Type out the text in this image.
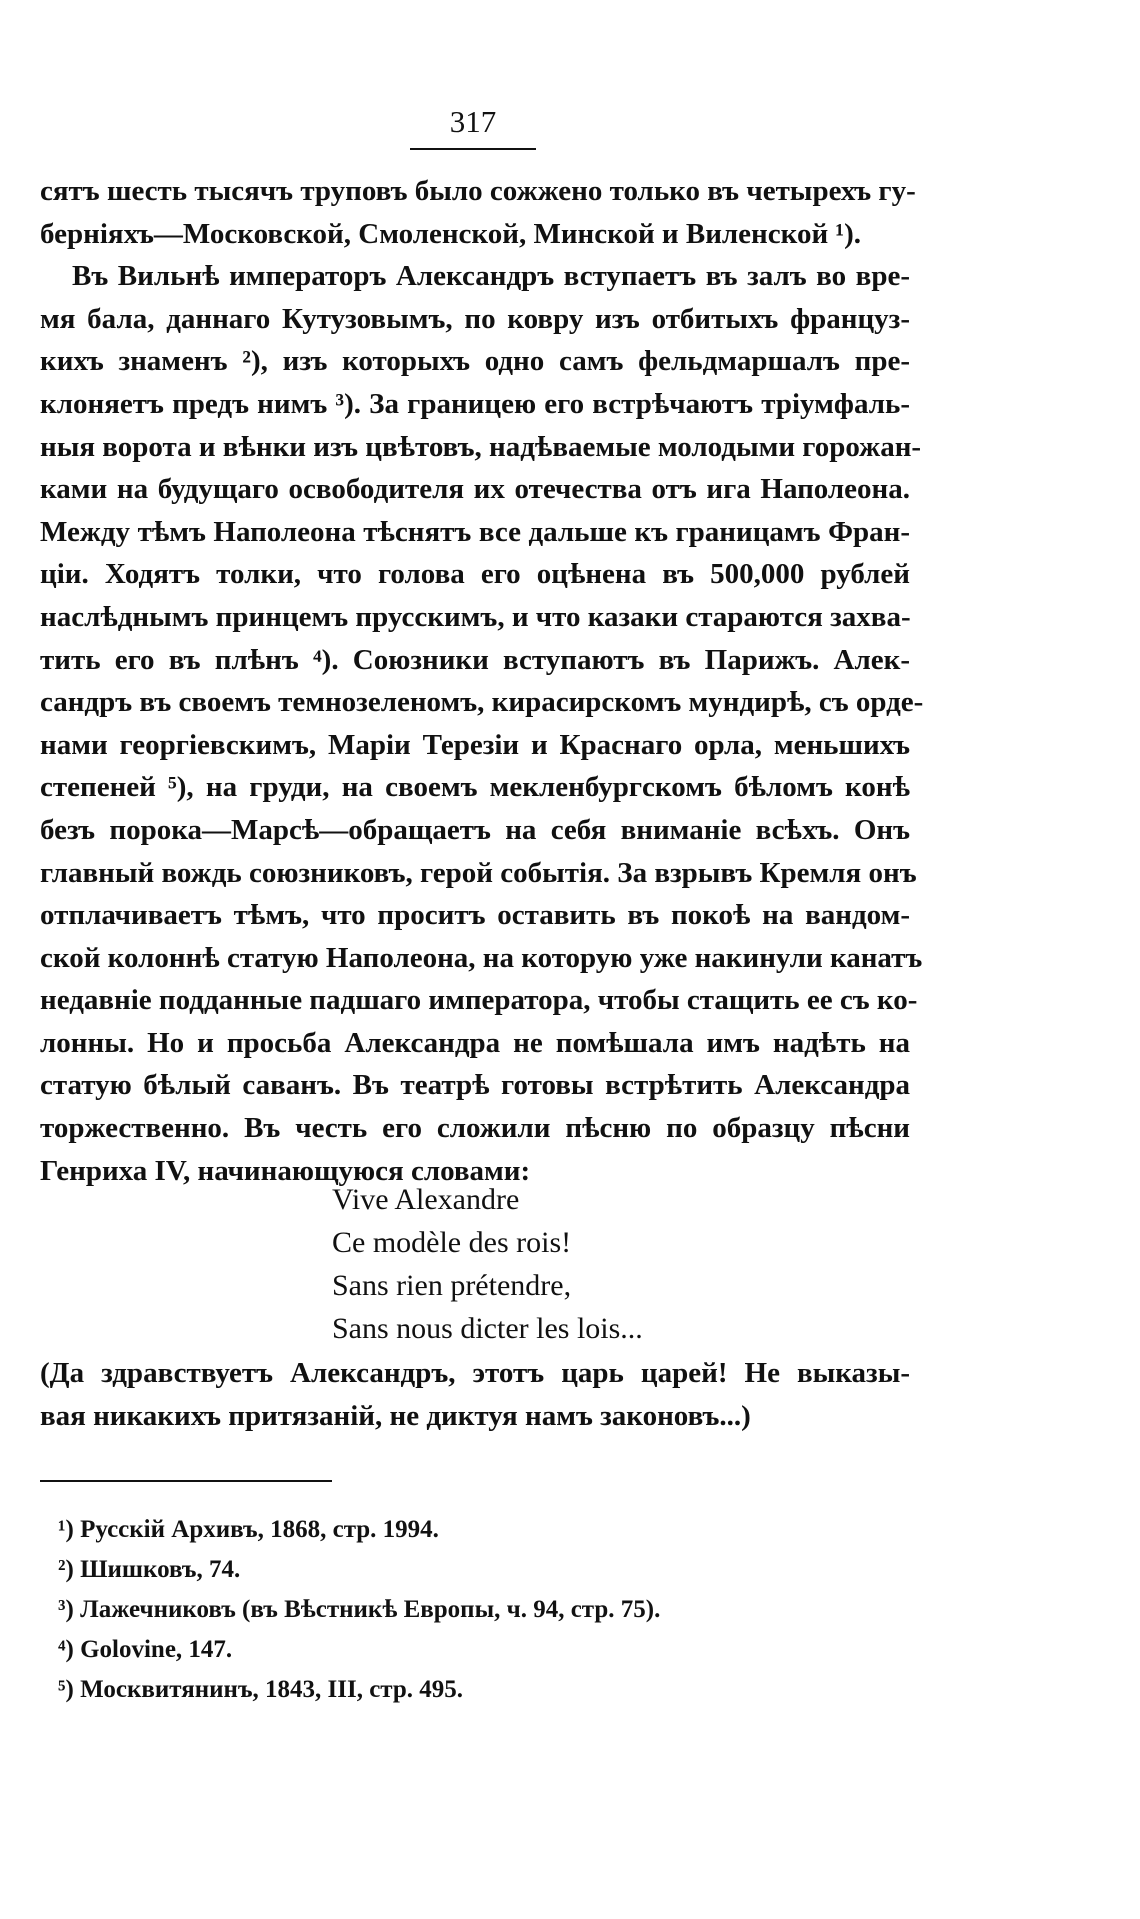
317
сятъ шесть тысячъ труповъ было сожжено только въ четырехъ гу-
берніяхъ—Московской, Смоленской, Минской и Виленской ¹).
Въ Вильнѣ императоръ Александръ вступаетъ въ залъ во вре-
мя бала, даннаго Кутузовымъ, по ковру изъ отбитыхъ француз-
кихъ знаменъ ²), изъ которыхъ одно самъ фельдмаршалъ пре-
клоняетъ предъ нимъ ³). За границею его встрѣчаютъ тріумфаль-
ныя ворота и вѣнки изъ цвѣтовъ, надѣваемые молодыми горожан-
ками на будущаго освободителя их отечества отъ ига Наполеона.
Между тѣмъ Наполеона тѣснятъ все дальше къ границамъ Фран-
ціи. Ходятъ толки, что голова его оцѣнена въ 500,000 рублей
наслѣднымъ принцемъ прусскимъ, и что казаки стараются захва-
тить его въ плѣнъ ⁴). Союзники вступаютъ въ Парижъ. Алек-
сандръ въ своемъ темнозеленомъ, кирасирскомъ мундирѣ, съ орде-
нами георгіевскимъ, Маріи Терезіи и Краснаго орла, меньшихъ
степеней ⁵), на груди, на своемъ мекленбургскомъ бѣломъ конѣ
безъ порока—Марсѣ—обращаетъ на себя вниманіе всѣхъ. Онъ
главный вождь союзниковъ, герой событія. За взрывъ Кремля онъ
отплачиваетъ тѣмъ, что проситъ оставить въ покоѣ на вандом-
ской колоннѣ статую Наполеона, на которую уже накинули канатъ
недавніе подданные падшаго императора, чтобы стащить ее съ ко-
лонны. Но и просьба Александра не помѣшала имъ надѣть на
статую бѣлый саванъ. Въ театрѣ готовы встрѣтить Александра
торжественно. Въ честь его сложили пѣсню по образцу пѣсни
Генриха IV, начинающуюся словами:
Vive Alexandre
Ce modèle des rois!
Sans rien prétendre,
Sans nous dicter les lois...
(Да здравствуетъ Александръ, этотъ царь царей! Не выказы-
вая никакихъ притязаній, не диктуя намъ законовъ...)
¹) Русскій Архивъ, 1868, стр. 1994.
²) Шишковъ, 74.
³) Лажечниковъ (въ Вѣстникѣ Европы, ч. 94, стр. 75).
⁴) Golovine, 147.
⁵) Москвитянинъ, 1843, III, стр. 495.
